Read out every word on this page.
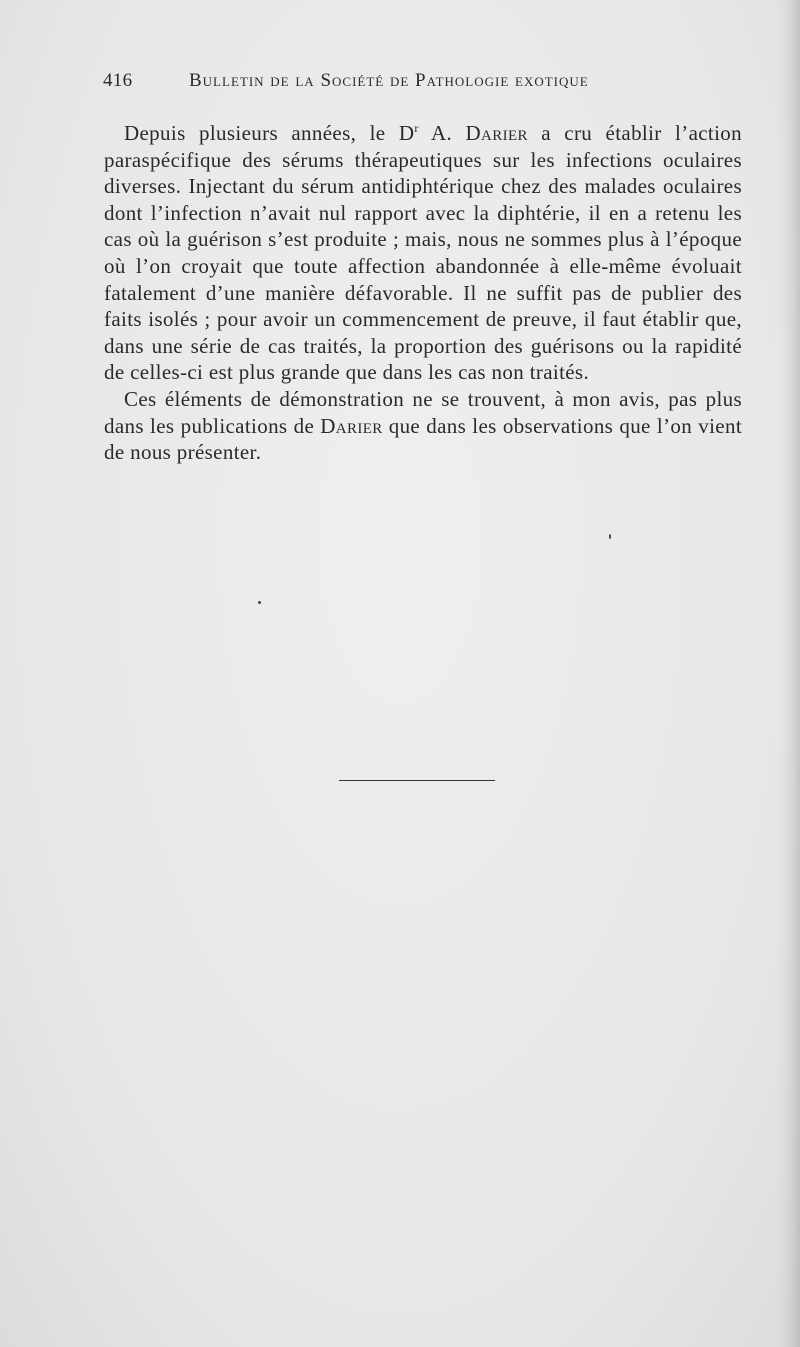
416	Bulletin de la Société de Pathologie exotique

Depuis plusieurs années, le $D^r$ A. Darier a cru établir l’action paraspécifique des sérums thérapeutiques sur les infections oculaires diverses. Injectant du sérum antidiphtérique chez des malades oculaires dont l’infection n’avait nul rapport avec la diphtérie, il en a retenu les cas où la guérison s’est produite ; mais, nous ne sommes plus à l’époque où l’on croyait que toute affection abandonnée à elle-même évoluait fatalement d’une manière défavorable. Il ne suffit pas de publier des faits isolés ; pour avoir un commencement de preuve, il faut établir que, dans une série de cas traités, la proportion des guérisons ou la rapidité de celles-ci est plus grande que dans les cas non traités.

Ces éléments de démonstration ne se trouvent, à mon avis, pas plus dans les publications de Darier que dans les observations que l’on vient de nous présenter.
